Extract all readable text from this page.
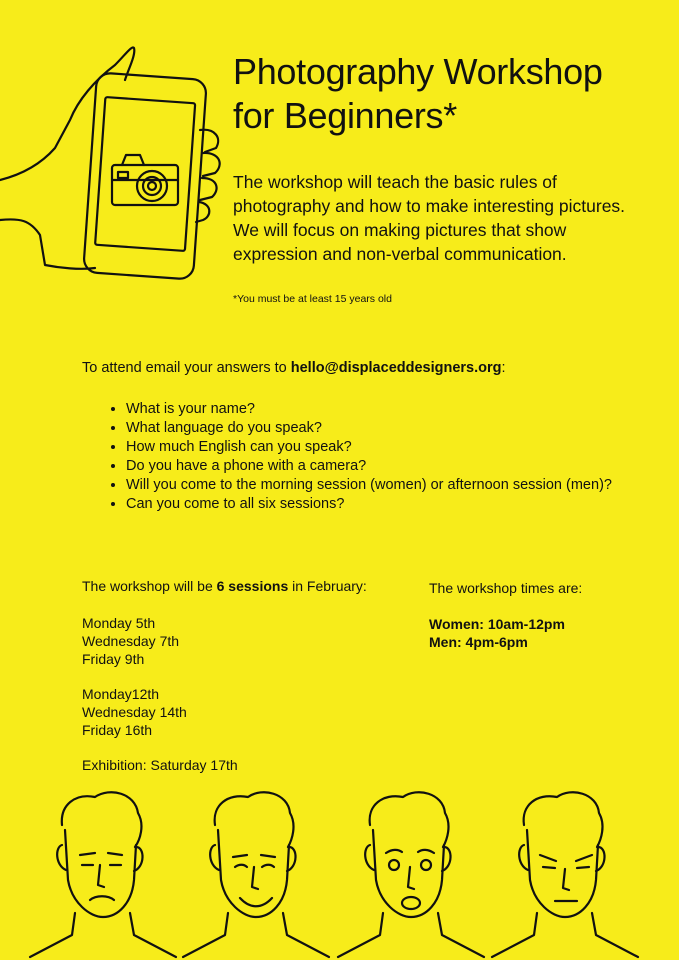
Photography Workshop
for Beginners*

The workshop will teach the basic rules of photography and how to make interesting pictures. We will focus on making pictures that show expression and non-verbal communication.

*You must be at least 15 years old

To attend email your answers to hello@displaceddesigners.org:

• What is your name?
• What language do you speak?
• How much English can you speak?
• Do you have a phone with a camera?
• Will you come to the morning session (women) or afternoon session (men)?
• Can you come to all six sessions?

The workshop will be 6 sessions in February:

Monday 5th
Wednesday 7th
Friday 9th
Monday12th
Wednesday 14th
Friday 16th
Exhibition: Saturday 17th

The workshop times are:

Women: 10am-12pm
Men: 4pm-6pm
